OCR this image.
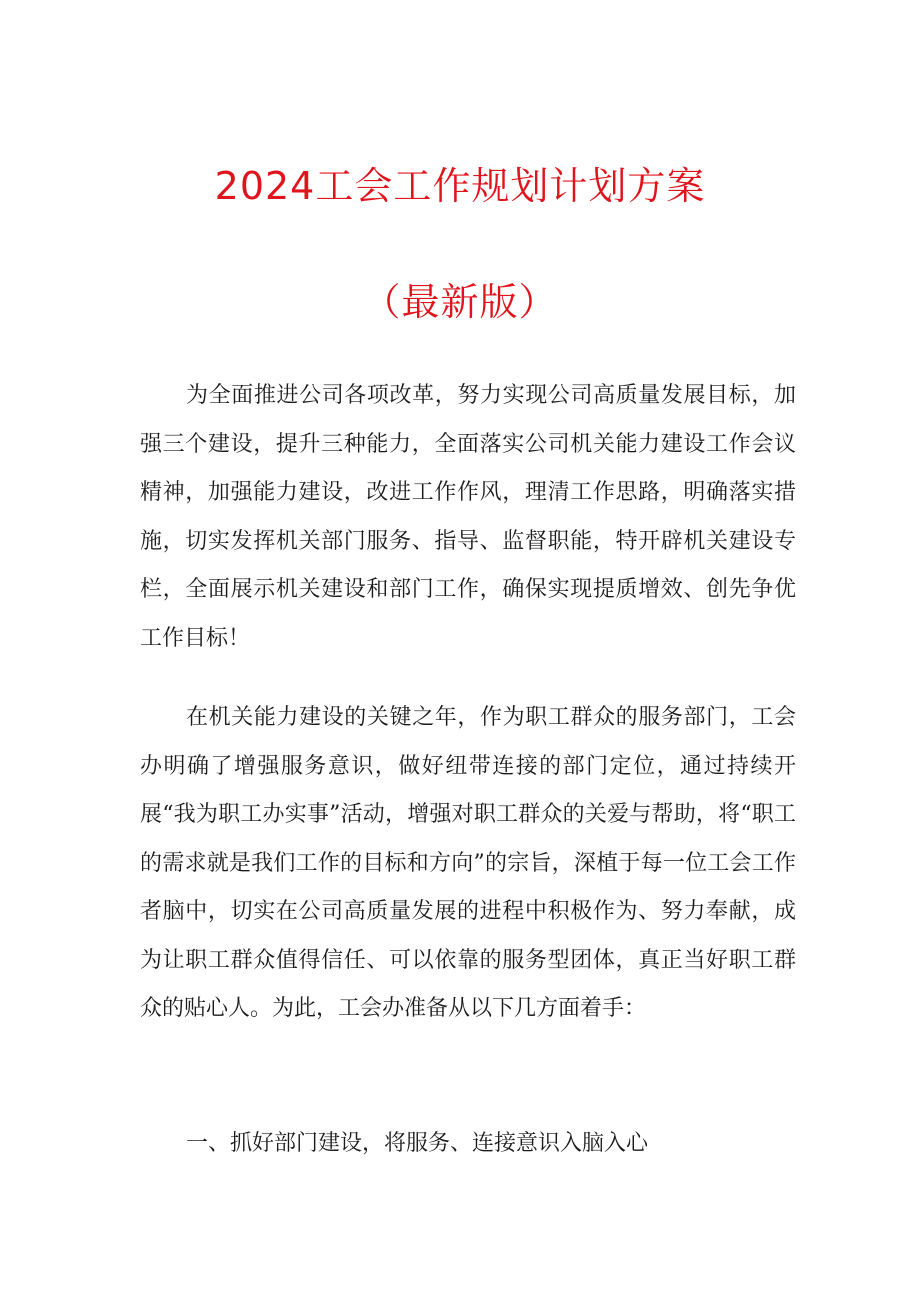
2024工会工作规划计划方案
（最新版）

为全面推进公司各项改革，努力实现公司高质量发展目标，加强三个建设，提升三种能力，全面落实公司机关能力建设工作会议精神，加强能力建设，改进工作作风，理清工作思路，明确落实措施，切实发挥机关部门服务、指导、监督职能，特开辟机关建设专栏，全面展示机关建设和部门工作，确保实现提质增效、创先争优工作目标！

在机关能力建设的关键之年，作为职工群众的服务部门，工会办明确了增强服务意识，做好纽带连接的部门定位，通过持续开展“我为职工办实事”活动，增强对职工群众的关爱与帮助，将“职工的需求就是我们工作的目标和方向”的宗旨，深植于每一位工会工作者脑中，切实在公司高质量发展的进程中积极作为、努力奉献，成为让职工群众值得信任、可以依靠的服务型团体，真正当好职工群众的贴心人。为此，工会办准备从以下几方面着手：

一、抓好部门建设，将服务、连接意识入脑入心
